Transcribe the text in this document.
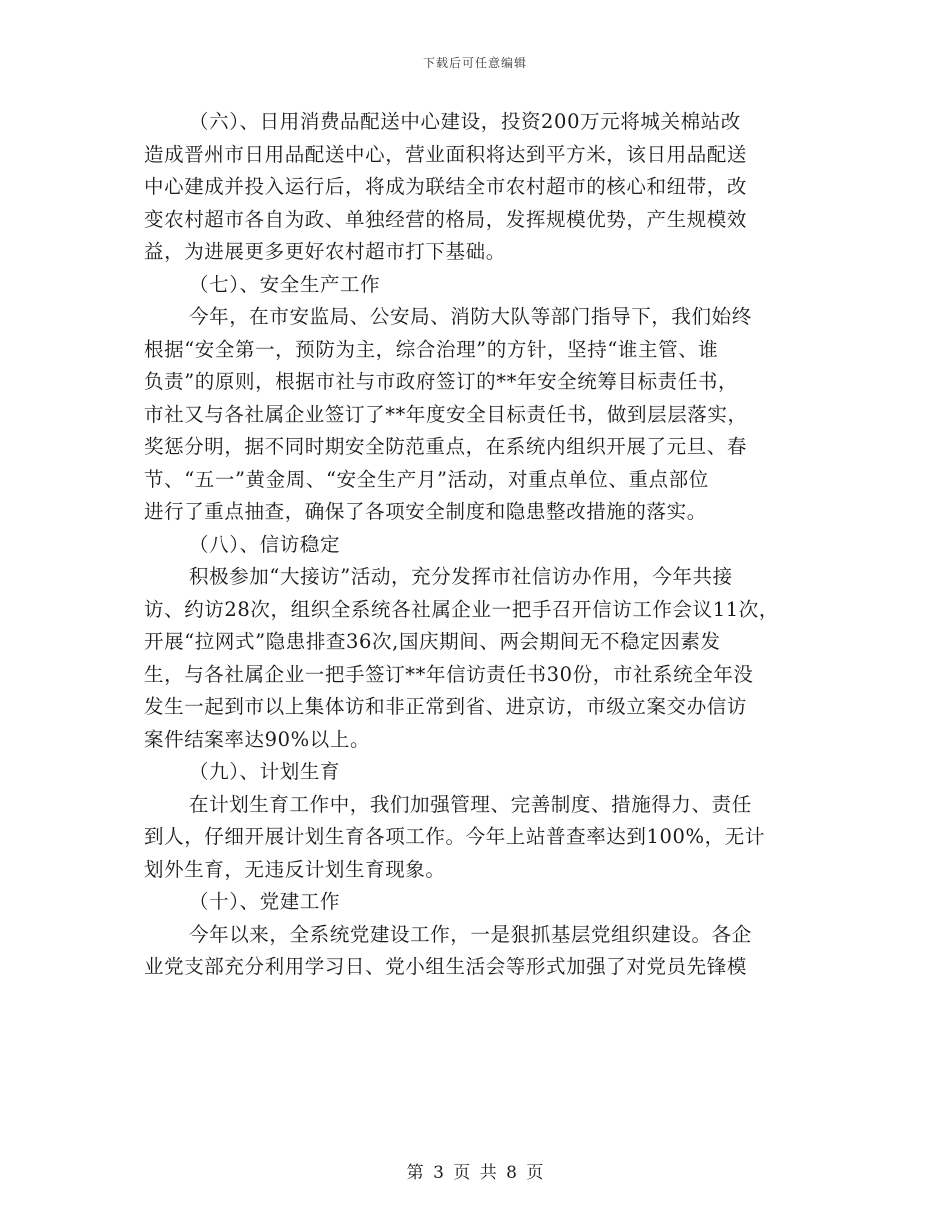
下载后可任意编辑
（六）、日用消费品配送中心建设，投资200万元将城关棉站改
造成晋州市日用品配送中心，营业面积将达到平方米，该日用品配送
中心建成并投入运行后，将成为联结全市农村超市的核心和纽带，改
变农村超市各自为政、单独经营的格局，发挥规模优势，产生规模效
益，为进展更多更好农村超市打下基础。
（七）、安全生产工作
今年，在市安监局、公安局、消防大队等部门指导下，我们始终
根据“安全第一，预防为主，综合治理”的方针，坚持“谁主管、谁
负责”的原则，根据市社与市政府签订的**年安全统筹目标责任书，
市社又与各社属企业签订了**年度安全目标责任书，做到层层落实，
奖惩分明，据不同时期安全防范重点，在系统内组织开展了元旦、春
节、“五一”黄金周、“安全生产月”活动，对重点单位、重点部位
进行了重点抽查，确保了各项安全制度和隐患整改措施的落实。
（八）、信访稳定
积极参加“大接访”活动，充分发挥市社信访办作用，今年共接
访、约访28次，组织全系统各社属企业一把手召开信访工作会议11次，
开展“拉网式”隐患排查36次,国庆期间、两会期间无不稳定因素发
生，与各社属企业一把手签订**年信访责任书30份，市社系统全年没
发生一起到市以上集体访和非正常到省、进京访，市级立案交办信访
案件结案率达90%以上。
（九）、计划生育
在计划生育工作中，我们加强管理、完善制度、措施得力、责任
到人，仔细开展计划生育各项工作。今年上站普查率达到100%，无计
划外生育，无违反计划生育现象。
（十）、党建工作
今年以来，全系统党建设工作，一是狠抓基层党组织建设。各企
业党支部充分利用学习日、党小组生活会等形式加强了对党员先锋模
第 3 页 共 8 页
